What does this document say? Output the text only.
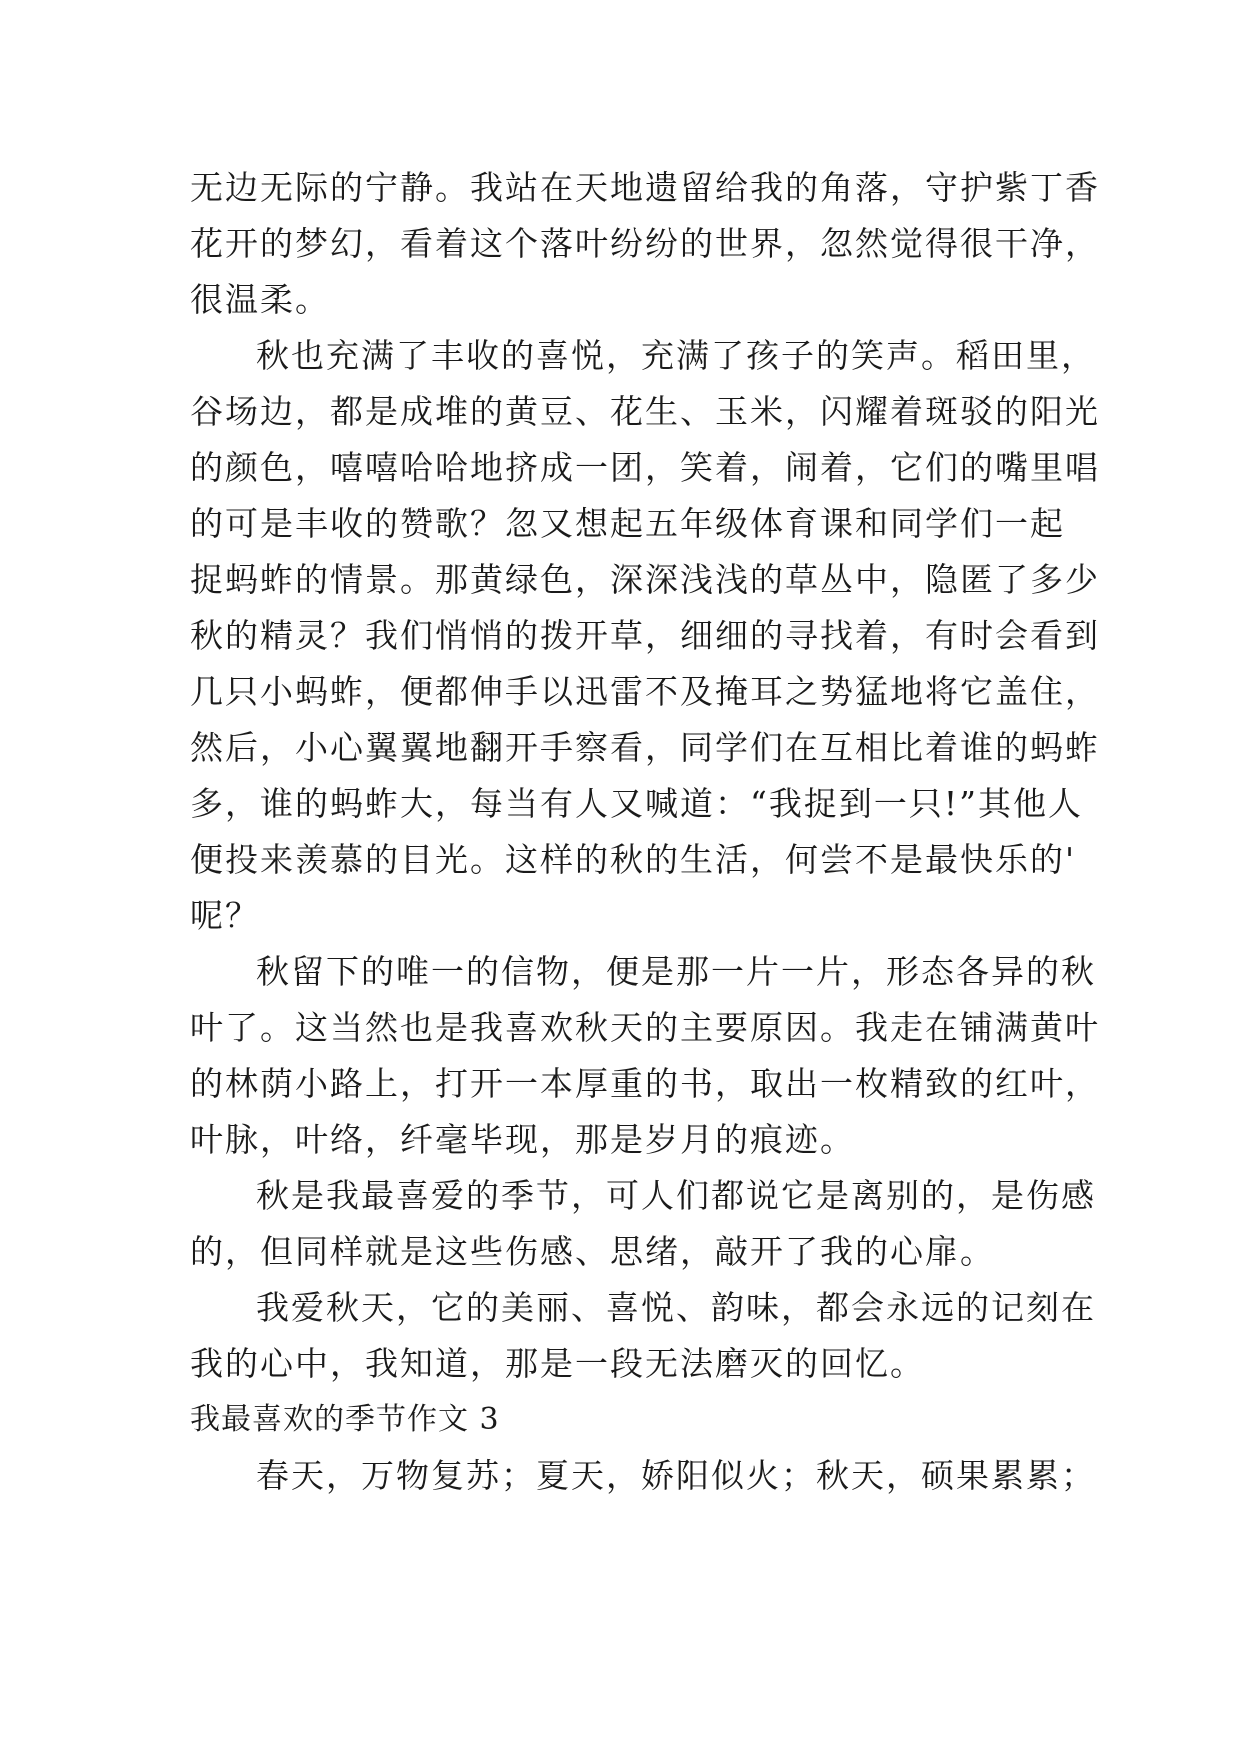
无边无际的宁静。我站在天地遗留给我的角落，守护紫丁香
花开的梦幻，看着这个落叶纷纷的世界，忽然觉得很干净，
很温柔。
秋也充满了丰收的喜悦，充满了孩子的笑声。稻田里，
谷场边，都是成堆的黄豆、花生、玉米，闪耀着斑驳的阳光
的颜色，嘻嘻哈哈地挤成一团，笑着，闹着，它们的嘴里唱
的可是丰收的赞歌？忽又想起五年级体育课和同学们一起
捉蚂蚱的情景。那黄绿色，深深浅浅的草丛中，隐匿了多少
秋的精灵？我们悄悄的拨开草，细细的寻找着，有时会看到
几只小蚂蚱，便都伸手以迅雷不及掩耳之势猛地将它盖住，
然后，小心翼翼地翻开手察看，同学们在互相比着谁的蚂蚱
多，谁的蚂蚱大，每当有人又喊道：“我捉到一只!”其他人
便投来羡慕的目光。这样的秋的生活，何尝不是最快乐的'
呢？
秋留下的唯一的信物，便是那一片一片，形态各异的秋
叶了。这当然也是我喜欢秋天的主要原因。我走在铺满黄叶
的林荫小路上，打开一本厚重的书，取出一枚精致的红叶，
叶脉，叶络，纤毫毕现，那是岁月的痕迹。
秋是我最喜爱的季节，可人们都说它是离别的，是伤感
的，但同样就是这些伤感、思绪，敲开了我的心扉。
我爱秋天，它的美丽、喜悦、韵味，都会永远的记刻在
我的心中，我知道，那是一段无法磨灭的回忆。
我最喜欢的季节作文 3
春天，万物复苏；夏天，娇阳似火；秋天，硕果累累；
